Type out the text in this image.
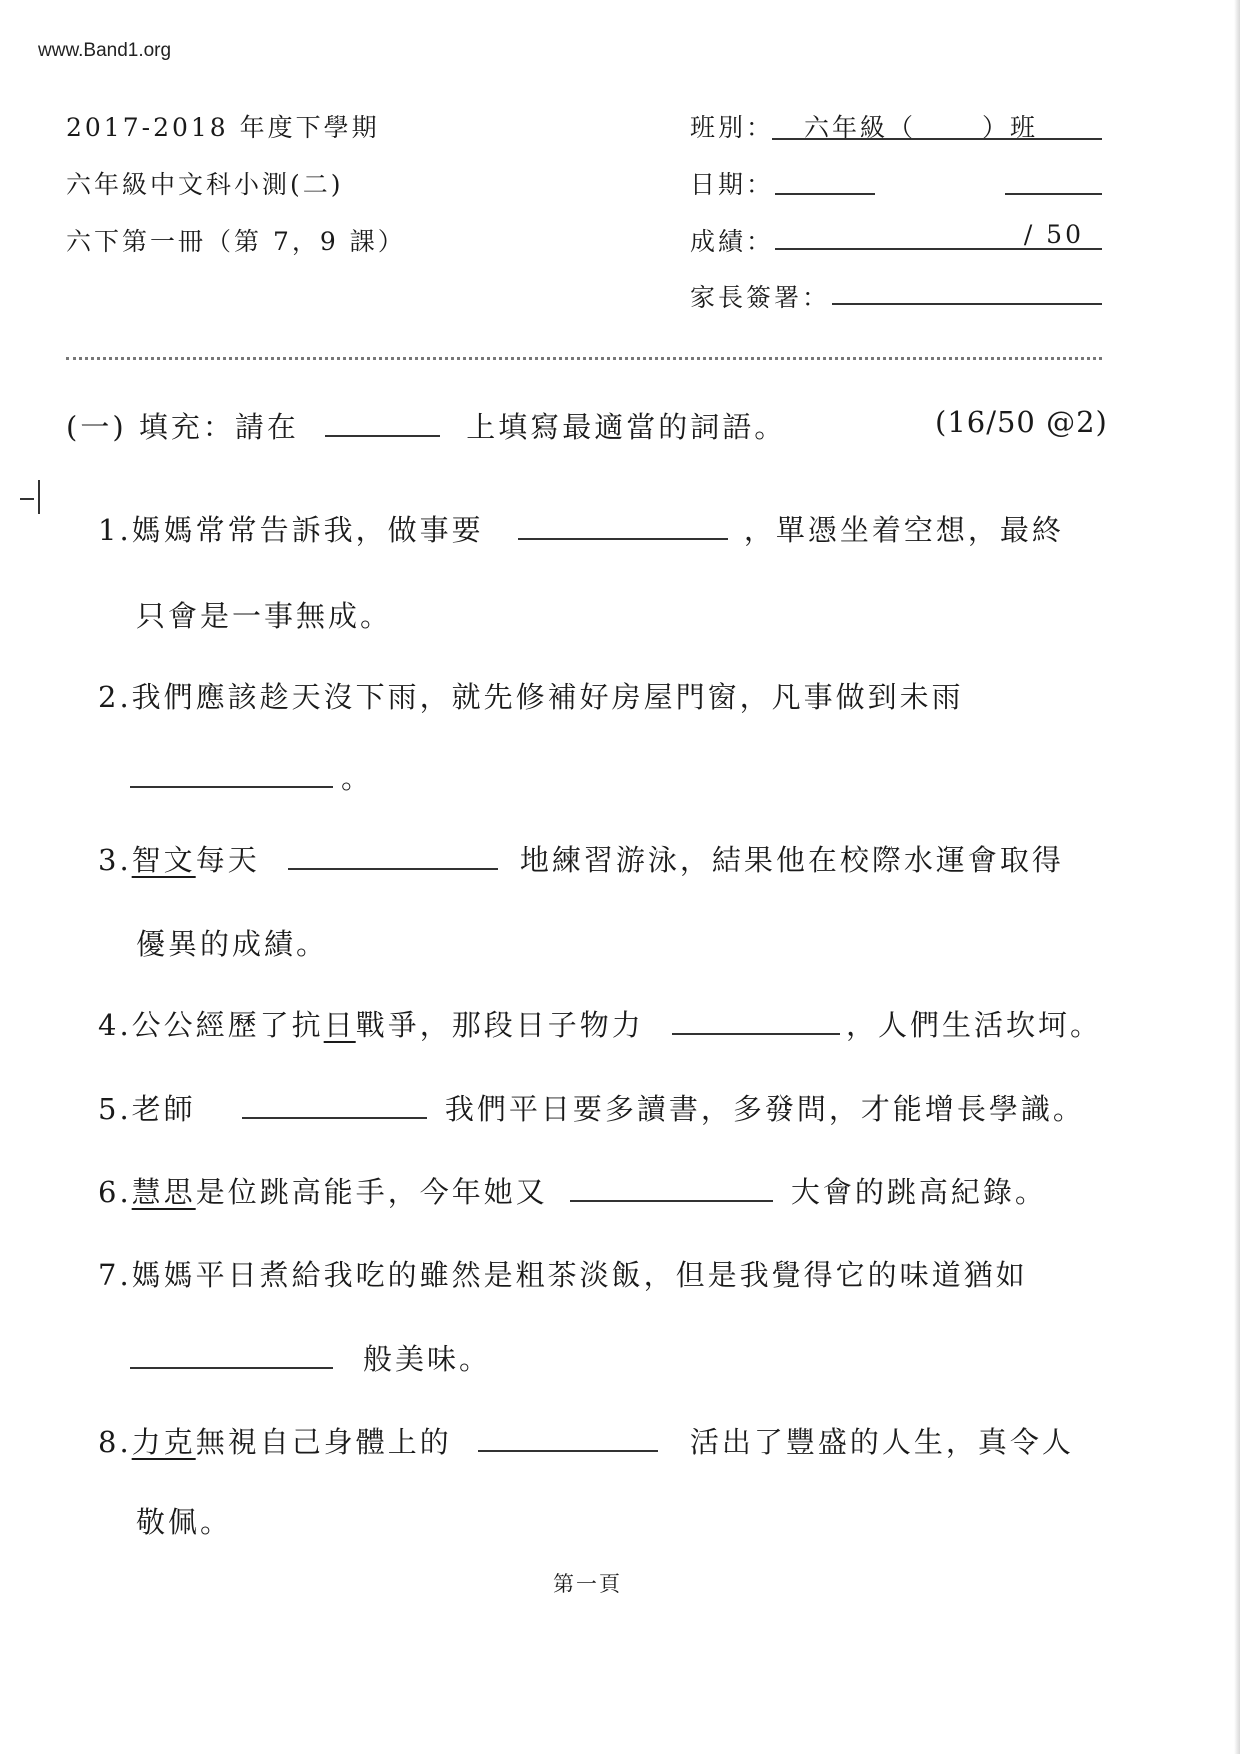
www.Band1.org
2017-2018 年度下學期
六年級中文科小測(二)
六下第一冊（第 7，9 課）
班別： 六年級（	）班
日期：
成績：	/ 50
家長簽署：
(一) 填充：請在	上填寫最適當的詞語。	(16/50 @2)
1.媽媽常常告訴我，做事要	，單憑坐着空想，最終
只會是一事無成。
2.我們應該趁天沒下雨，就先修補好房屋門窗，凡事做到未雨
。
3.智文每天	地練習游泳，結果他在校際水運會取得
優異的成績。
4.公公經歷了抗日戰爭，那段日子物力	，人們生活坎坷。
5.老師	我們平日要多讀書，多發問，才能增長學識。
6.慧思是位跳高能手，今年她又	大會的跳高紀錄。
7.媽媽平日煮給我吃的雖然是粗茶淡飯，但是我覺得它的味道猶如
般美味。
8.力克無視自己身體上的	活出了豐盛的人生，真令人
敬佩。
第一頁
